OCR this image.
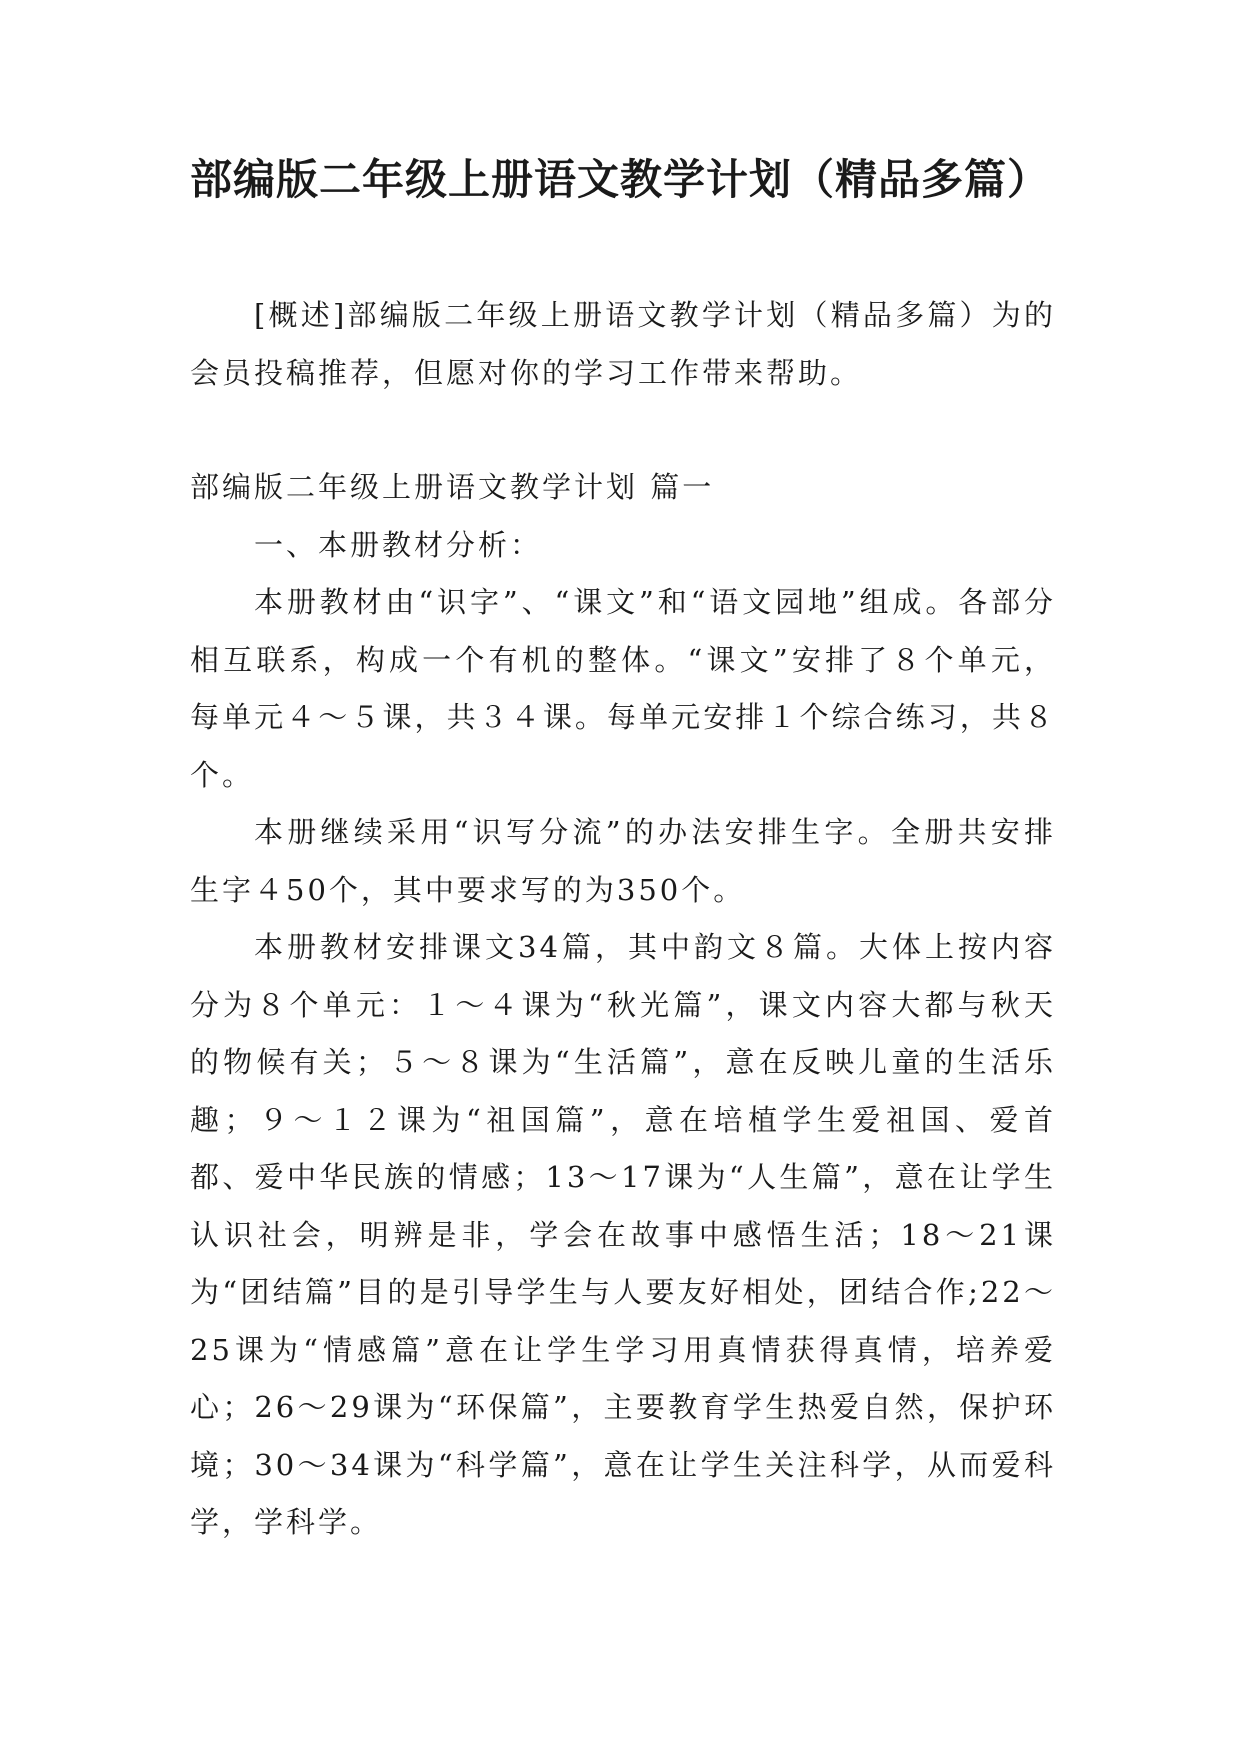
部编版二年级上册语文教学计划（精品多篇）

[概述]部编版二年级上册语文教学计划（精品多篇）为的会员投稿推荐，但愿对你的学习工作带来帮助。

部编版二年级上册语文教学计划 篇一

一、本册教材分析：

本册教材由“识字”、“课文”和“语文园地”组成。各部分相互联系，构成一个有机的整体。“课文”安排了８个单元，每单元４～５课，共３４课。每单元安排１个综合练习，共８个。

本册继续采用“识写分流”的办法安排生字。全册共安排生字４50个，其中要求写的为350个。

本册教材安排课文34篇，其中韵文８篇。大体上按内容分为８个单元：１～４课为“秋光篇”，课文内容大都与秋天的物候有关；５～８课为“生活篇”，意在反映儿童的生活乐趣；９～１２课为“祖国篇”，意在培植学生爱祖国、爱首都、爱中华民族的情感；13～17课为“人生篇”，意在让学生认识社会，明辨是非，学会在故事中感悟生活；18～21课为“团结篇”目的是引导学生与人要友好相处，团结合作;22～25课为“情感篇”意在让学生学习用真情获得真情，培养爱心；26～29课为“环保篇”，主要教育学生热爱自然，保护环境；30～34课为“科学篇”，意在让学生关注科学，从而爱科学，学科学。
